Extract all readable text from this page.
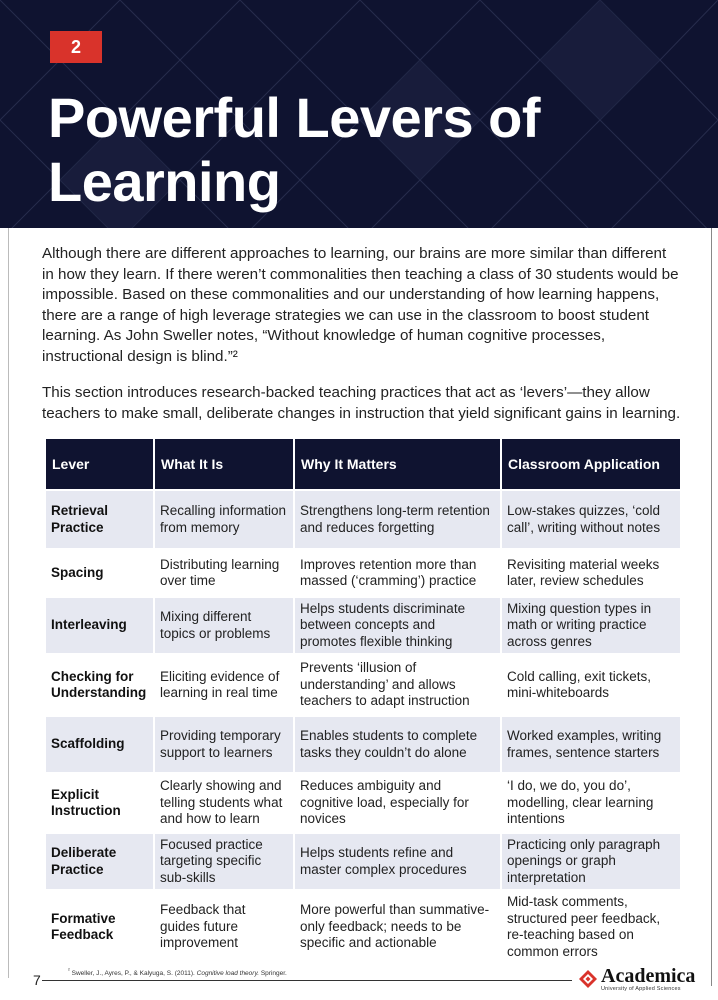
2
Powerful Levers of
Learning

Although there are different approaches to learning, our brains are more similar than different in how they learn. If there weren’t commonalities then teaching a class of 30 students would be impossible. Based on these commonalities and our understanding of how learning happens, there are a range of high leverage strategies we can use in the classroom to boost student learning. As John Sweller notes, “Without knowledge of human cognitive processes, instructional design is blind.”²

This section introduces research-backed teaching practices that act as ‘levers’—they allow teachers to make small, deliberate changes in instruction that yield significant gains in learning.

Lever	What It Is	Why It Matters	Classroom Application
Retrieval Practice	Recalling information from memory	Strengthens long-term retention and reduces forgetting	Low-stakes quizzes, ‘cold call’, writing without notes
Spacing	Distributing learning over time	Improves retention more than massed (‘cramming’) practice	Revisiting material weeks later, review schedules
Interleaving	Mixing different topics or problems	Helps students discriminate between concepts and promotes flexible thinking	Mixing question types in math or writing practice across genres
Checking for Understanding	Eliciting evidence of learning in real time	Prevents ‘illusion of understanding’ and allows teachers to adapt instruction	Cold calling, exit tickets, mini-whiteboards
Scaffolding	Providing temporary support to learners	Enables students to complete tasks they couldn’t do alone	Worked examples, writing frames, sentence starters
Explicit Instruction	Clearly showing and telling students what and how to learn	Reduces ambiguity and cognitive load, especially for novices	‘I do, we do, you do’, modelling, clear learning intentions
Deliberate Practice	Focused practice targeting specific sub-skills	Helps students refine and master complex procedures	Practicing only paragraph openings or graph interpretation
Formative Feedback	Feedback that guides future improvement	More powerful than summative-only feedback; needs to be specific and actionable	Mid-task comments, structured peer feedback, re-teaching based on common errors
7
$^{^2}$ Sweller, J., Ayres, P., & Kalyuga, S. (2011). Cognitive load theory. Springer.	Academica
University of Applied Sciences
